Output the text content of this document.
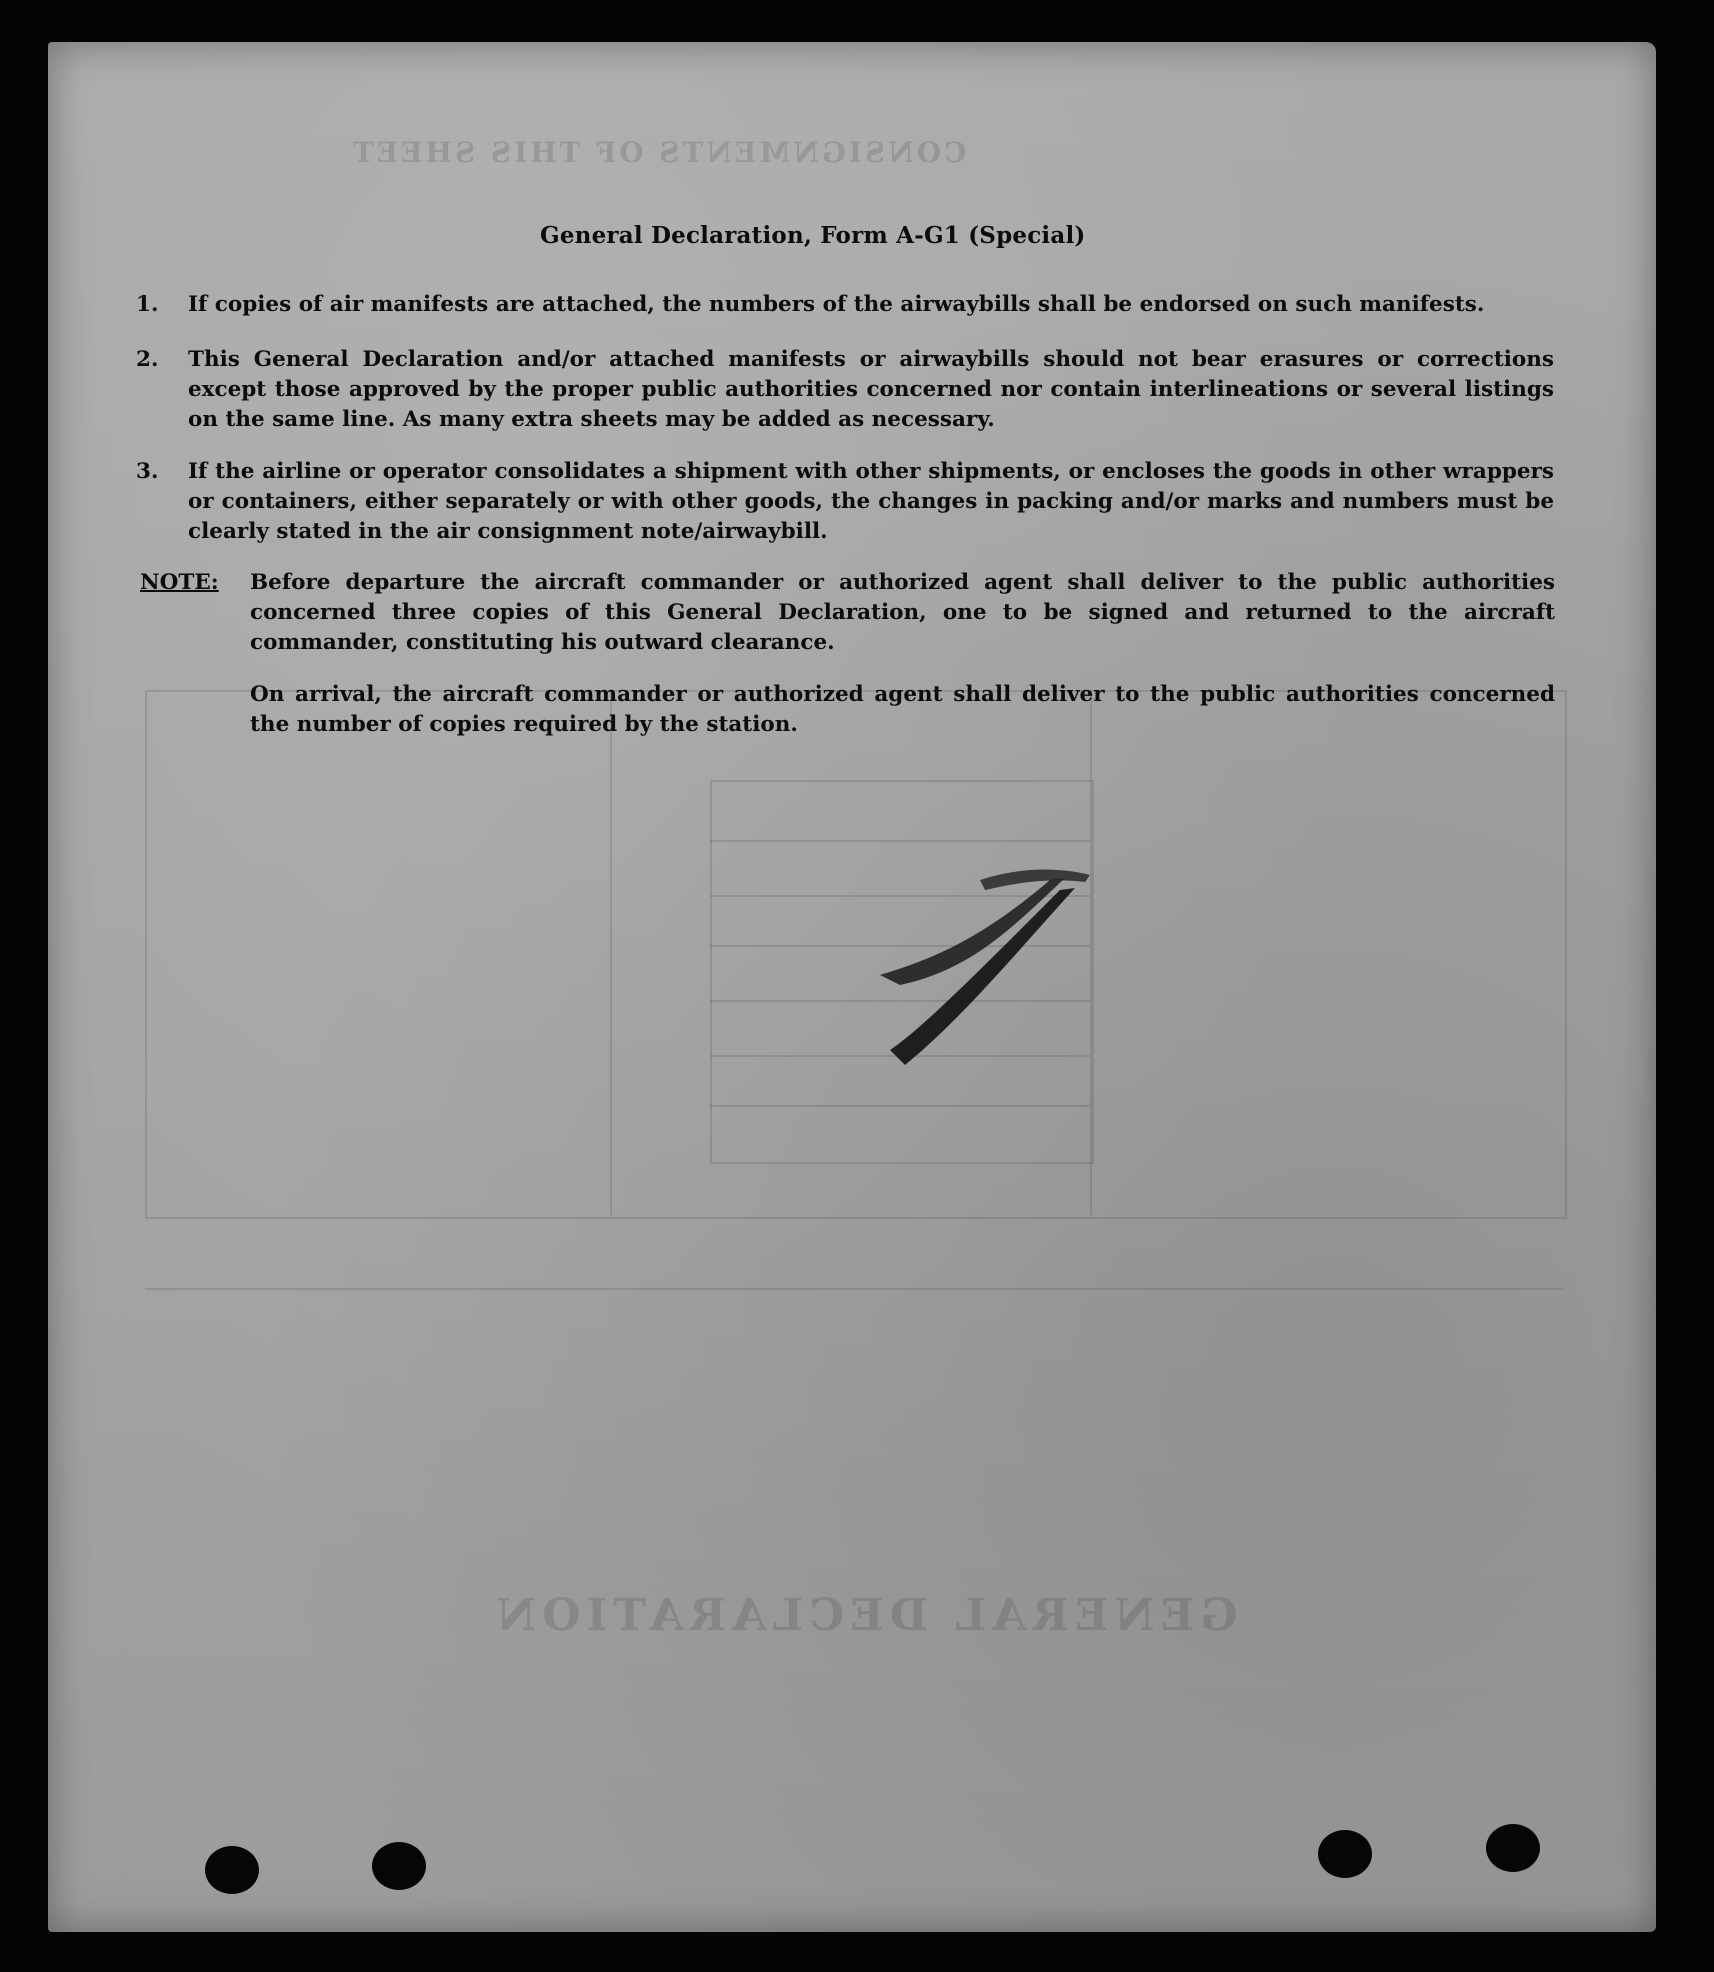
GENERAL DECLARATION
CONSIGNMENTS OF THIS SHEET
General Declaration, Form A-G1 (Special)
1. If copies of air manifests are attached, the numbers of the airwaybills shall be endorsed on such manifests.
2. This General Declaration and/or attached manifests or airwaybills should not bear erasures or corrections except those approved by the proper public authorities concerned nor contain interlineations or several listings on the same line. As many extra sheets may be added as necessary.
3. If the airline or operator consolidates a shipment with other shipments, or encloses the goods in other wrappers or containers, either separately or with other goods, the changes in packing and/or marks and numbers must be clearly stated in the air consignment note/airwaybill.
NOTE: Before departure the aircraft commander or authorized agent shall deliver to the public authorities concerned three copies of this General Declaration, one to be signed and returned to the aircraft commander, constituting his outward clearance.
On arrival, the aircraft commander or authorized agent shall deliver to the public authorities concerned the number of copies required by the station.
